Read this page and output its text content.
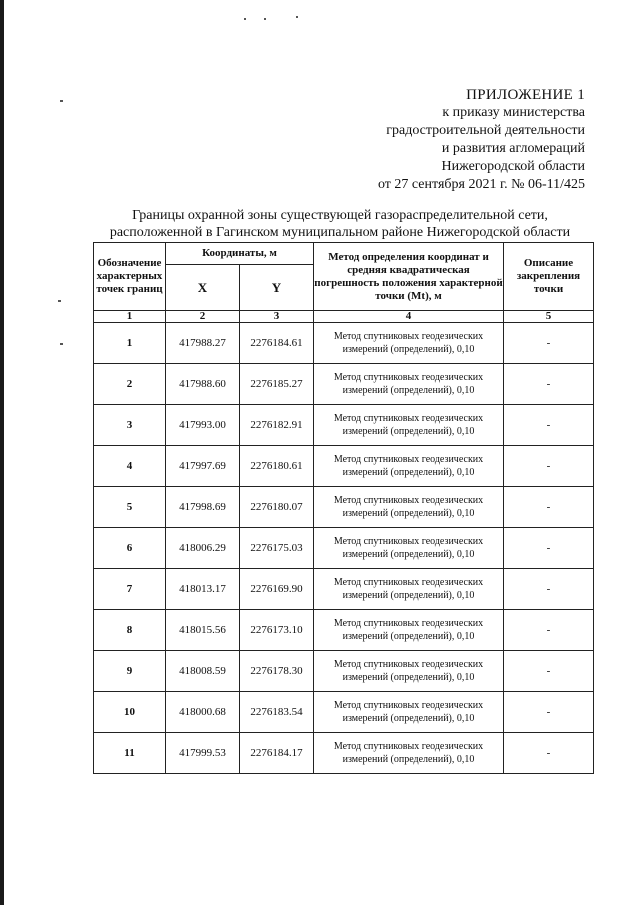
ПРИЛОЖЕНИЕ 1
к приказу министерства
градостроительной деятельности
и развития агломераций
Нижегородской области
от 27 сентября 2021 г. № 06-11/425
Границы охранной зоны существующей газораспределительной сети,
расположенной в Гагинском муниципальном районе Нижегородской области
Обозначение характерных точек границ	Координаты, м		Метод определения координат и средняя квадратическая погрешность положения характерной точки (Mt), м	Описание закрепления точки
	X	Y		
1	2	3	4	5
1	417988.27	2276184.61	Метод спутниковых геодезических измерений (определений), 0,10	-
2	417988.60	2276185.27	Метод спутниковых геодезических измерений (определений), 0,10	-
3	417993.00	2276182.91	Метод спутниковых геодезических измерений (определений), 0,10	-
4	417997.69	2276180.61	Метод спутниковых геодезических измерений (определений), 0,10	-
5	417998.69	2276180.07	Метод спутниковых геодезических измерений (определений), 0,10	-
6	418006.29	2276175.03	Метод спутниковых геодезических измерений (определений), 0,10	-
7	418013.17	2276169.90	Метод спутниковых геодезических измерений (определений), 0,10	-
8	418015.56	2276173.10	Метод спутниковых геодезических измерений (определений), 0,10	-
9	418008.59	2276178.30	Метод спутниковых геодезических измерений (определений), 0,10	-
10	418000.68	2276183.54	Метод спутниковых геодезических измерений (определений), 0,10	-
11	417999.53	2276184.17	Метод спутниковых геодезических измерений (определений), 0,10	-
